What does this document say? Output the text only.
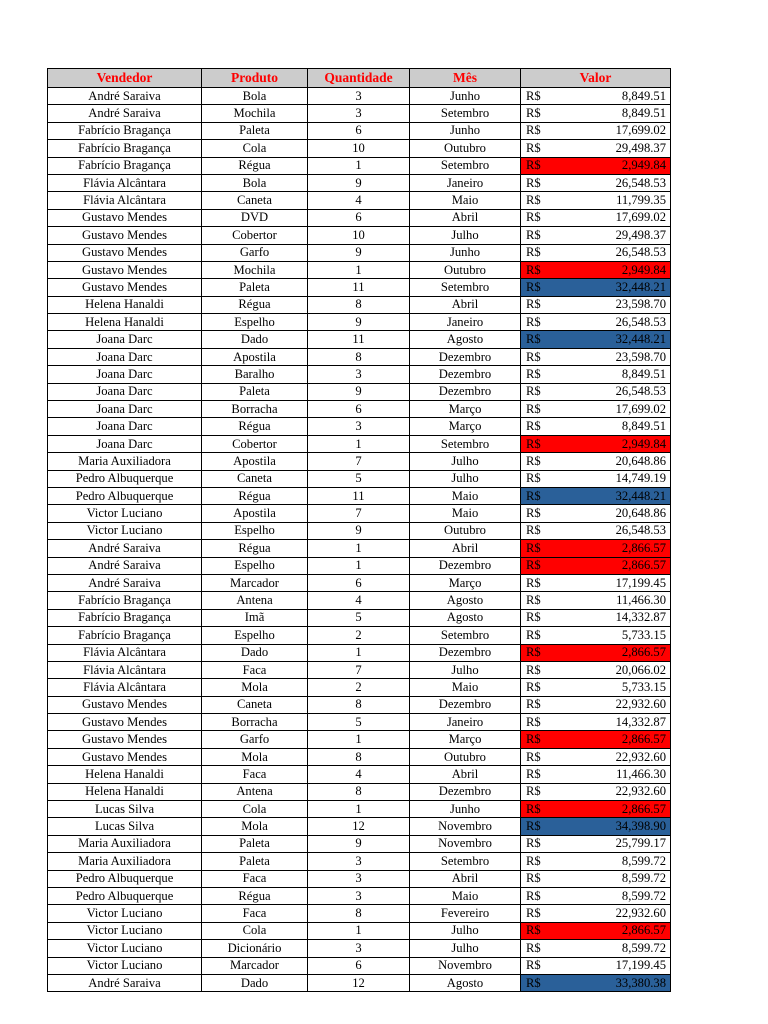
Vendedor	Produto	Quantidade	Mês	Valor
André Saraiva	Bola	3	Junho	R$ 8,849.51

André Saraiva	Mochila	3	Setembro	R$ 8,849.51

Fabrício Bragança	Paleta	6	Junho	R$ 17,699.02

Fabrício Bragança	Cola	10	Outubro	R$ 29,498.37

Fabrício Bragança	Régua	1	Setembro	R$ 2,949.84

Flávia Alcântara	Bola	9	Janeiro	R$ 26,548.53

Flávia Alcântara	Caneta	4	Maio	R$ 11,799.35

Gustavo Mendes	DVD	6	Abril	R$ 17,699.02

Gustavo Mendes	Cobertor	10	Julho	R$ 29,498.37

Gustavo Mendes	Garfo	9	Junho	R$ 26,548.53

Gustavo Mendes	Mochila	1	Outubro	R$ 2,949.84

Gustavo Mendes	Paleta	11	Setembro	R$ 32,448.21

Helena Hanaldi	Régua	8	Abril	R$ 23,598.70

Helena Hanaldi	Espelho	9	Janeiro	R$ 26,548.53

Joana Darc	Dado	11	Agosto	R$ 32,448.21

Joana Darc	Apostila	8	Dezembro	R$ 23,598.70

Joana Darc	Baralho	3	Dezembro	R$ 8,849.51

Joana Darc	Paleta	9	Dezembro	R$ 26,548.53

Joana Darc	Borracha	6	Março	R$ 17,699.02

Joana Darc	Régua	3	Março	R$ 8,849.51

Joana Darc	Cobertor	1	Setembro	R$ 2,949.84

Maria Auxiliadora	Apostila	7	Julho	R$ 20,648.86

Pedro Albuquerque	Caneta	5	Julho	R$ 14,749.19

Pedro Albuquerque	Régua	11	Maio	R$ 32,448.21

Victor Luciano	Apostila	7	Maio	R$ 20,648.86

Victor Luciano	Espelho	9	Outubro	R$ 26,548.53

André Saraiva	Régua	1	Abril	R$ 2,866.57

André Saraiva	Espelho	1	Dezembro	R$ 2,866.57

André Saraiva	Marcador	6	Março	R$ 17,199.45

Fabrício Bragança	Antena	4	Agosto	R$ 11,466.30

Fabrício Bragança	Imã	5	Agosto	R$ 14,332.87

Fabrício Bragança	Espelho	2	Setembro	R$ 5,733.15

Flávia Alcântara	Dado	1	Dezembro	R$ 2,866.57

Flávia Alcântara	Faca	7	Julho	R$ 20,066.02

Flávia Alcântara	Mola	2	Maio	R$ 5,733.15

Gustavo Mendes	Caneta	8	Dezembro	R$ 22,932.60

Gustavo Mendes	Borracha	5	Janeiro	R$ 14,332.87

Gustavo Mendes	Garfo	1	Março	R$ 2,866.57

Gustavo Mendes	Mola	8	Outubro	R$ 22,932.60

Helena Hanaldi	Faca	4	Abril	R$ 11,466.30

Helena Hanaldi	Antena	8	Dezembro	R$ 22,932.60

Lucas Silva	Cola	1	Junho	R$ 2,866.57

Lucas Silva	Mola	12	Novembro	R$ 34,398.90

Maria Auxiliadora	Paleta	9	Novembro	R$ 25,799.17

Maria Auxiliadora	Paleta	3	Setembro	R$ 8,599.72

Pedro Albuquerque	Faca	3	Abril	R$ 8,599.72

Pedro Albuquerque	Régua	3	Maio	R$ 8,599.72

Victor Luciano	Faca	8	Fevereiro	R$ 22,932.60

Victor Luciano	Cola	1	Julho	R$ 2,866.57

Victor Luciano	Dicionário	3	Julho	R$ 8,599.72

Victor Luciano	Marcador	6	Novembro	R$ 17,199.45

André Saraiva	Dado	12	Agosto	R$ 33,380.38
